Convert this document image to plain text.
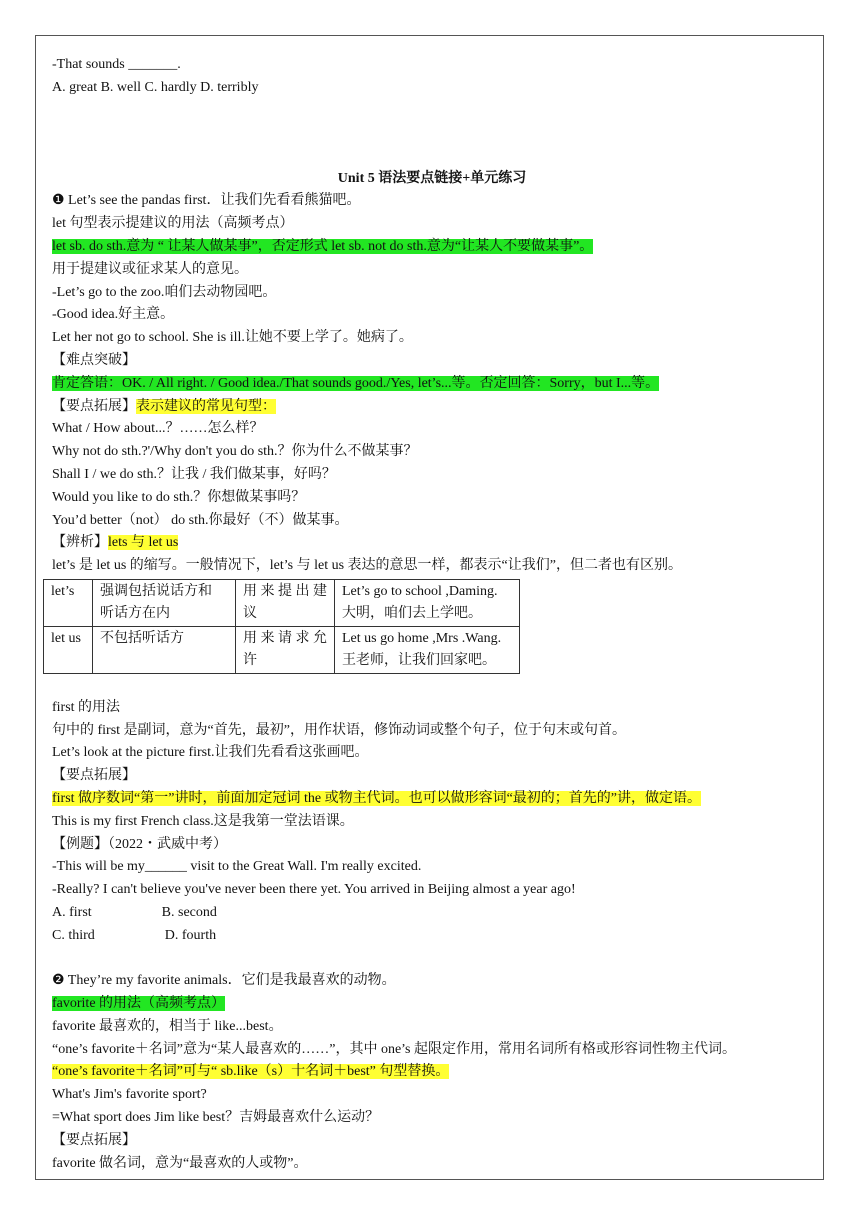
-That sounds _______.
A. great B. well C. hardly D. terribly
Unit 5 语法要点链接+单元练习
❶ Let’s see the pandas first．让我们先看看熊猫吧。
let 句型表示提建议的用法（高频考点）
let sb. do sth.意为 “ 让某人做某事”，否定形式 let sb. not do sth.意为“让某人不要做某事”。
用于提建议或征求某人的意见。
-Let’s go to the zoo.咱们去动物园吧。
-Good idea.好主意。
Let her not go to school. She is ill.让她不要上学了。她病了。
【难点突破】
肯定答语：OK. / All right. / Good idea./That sounds good./Yes, let’s...等。否定回答：Sorry，but I...等。
【要点拓展】表示建议的常见句型：
What / How about...？……怎么样？
Why not do sth.?'/Why don't you do sth.？你为什么不做某事？
Shall I / we do sth.？让我 / 我们做某事，好吗？
Would you like to do sth.？你想做某事吗？
You’d better（not） do sth.你最好（不）做某事。
【辨析】lets 与 let us
let’s 是 let us 的缩写。一般情况下，let’s 与 let us 表达的意思一样，都表示“让我们”，但二者也有区别。
let’s	强调包括说话方和
听话方在内	用 来 提 出 建
议	Let’s go to school ,Daming.
大明，咱们去上学吧。
let us	不包括听话方	用 来 请 求 允
许	Let us go home ,Mrs .Wang.
王老师，让我们回家吧。
first 的用法
句中的 first 是副词，意为“首先，最初”，用作状语，修饰动词或整个句子，位于句末或句首。
Let’s look at the picture first.让我们先看看这张画吧。
【要点拓展】
first 做序数词“第一”讲时，前面加定冠词 the 或物主代词。也可以做形容词“最初的；首先的”讲，做定语。
This is my first French class.这是我第一堂法语课。
【例题】（2022・武威中考）
-This will be my______ visit to the Great Wall. I'm really excited.
-Really? I can't believe you've never been there yet. You arrived in Beijing almost a year ago!
A. first                    B. second
C. third                    D. fourth
❷ They’re my favorite animals．它们是我最喜欢的动物。
favorite 的用法（高频考点）
favorite 最喜欢的，相当于 like...best。
“one’s favorite＋名词”意为“某人最喜欢的……”，其中 one’s 起限定作用，常用名词所有格或形容词性物主代词。
“one’s favorite＋名词”可与“ sb.like（s）十名词＋best” 句型替换。
What's Jim's favorite sport?
=What sport does Jim like best？吉姆最喜欢什么运动？
【要点拓展】
favorite 做名词，意为“最喜欢的人或物”。
